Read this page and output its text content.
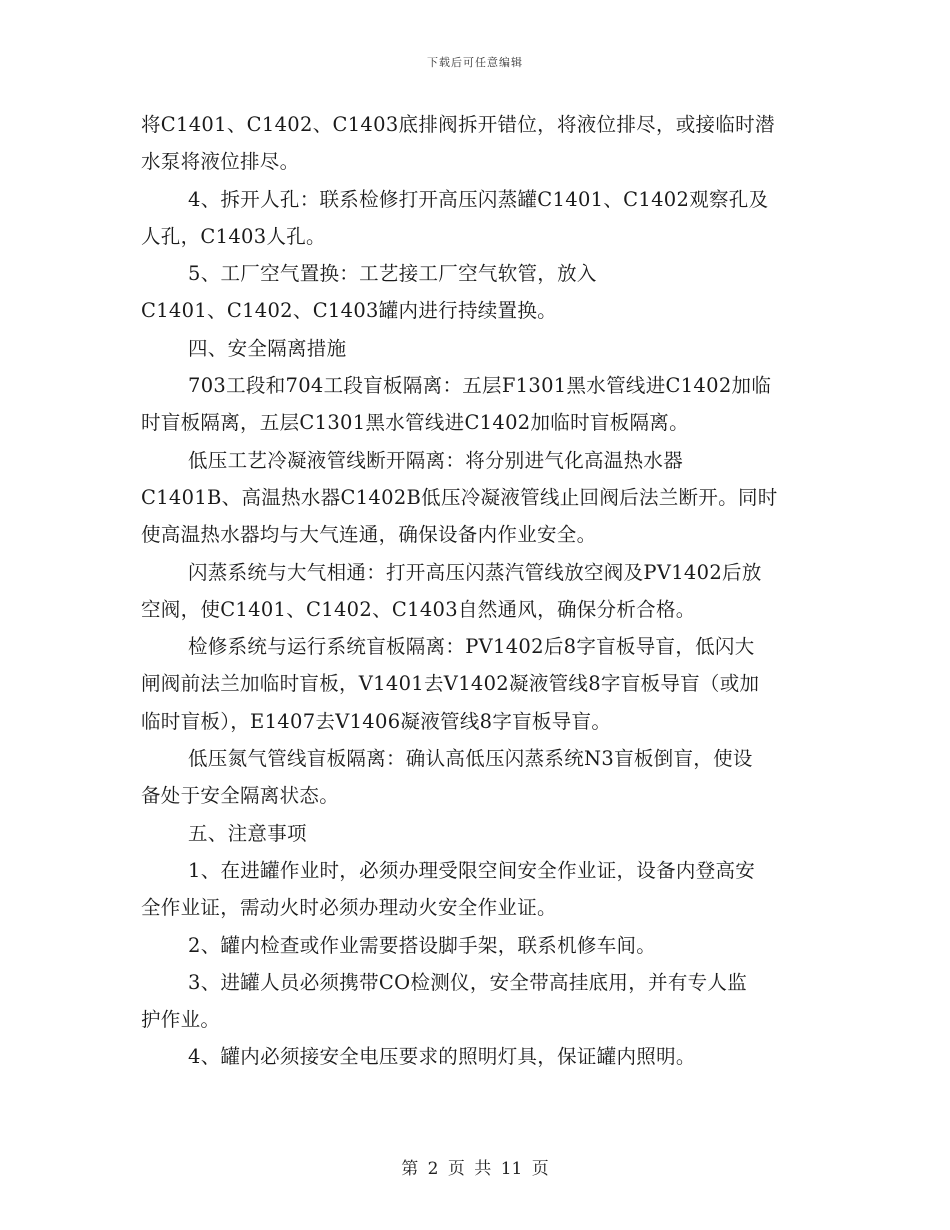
下载后可任意编辑
将C1401、C1402、C1403底排阀拆开错位，将液位排尽，或接临时潜
水泵将液位排尽。
4、拆开人孔：联系检修打开高压闪蒸罐C1401、C1402观察孔及
人孔，C1403人孔。
5、工厂空气置换：工艺接工厂空气软管，放入
C1401、C1402、C1403罐内进行持续置换。
四、安全隔离措施
703工段和704工段盲板隔离：五层F1301黑水管线进C1402加临
时盲板隔离，五层C1301黑水管线进C1402加临时盲板隔离。
低压工艺冷凝液管线断开隔离：将分别进气化高温热水器
C1401B、高温热水器C1402B低压冷凝液管线止回阀后法兰断开。同时
使高温热水器均与大气连通，确保设备内作业安全。
闪蒸系统与大气相通：打开高压闪蒸汽管线放空阀及PV1402后放
空阀，使C1401、C1402、C1403自然通风，确保分析合格。
检修系统与运行系统盲板隔离：PV1402后8字盲板导盲，低闪大
闸阀前法兰加临时盲板，V1401去V1402凝液管线8字盲板导盲（或加
临时盲板），E1407去V1406凝液管线8字盲板导盲。
低压氮气管线盲板隔离：确认高低压闪蒸系统N3盲板倒盲，使设
备处于安全隔离状态。
五、注意事项
1、在进罐作业时，必须办理受限空间安全作业证，设备内登高安
全作业证，需动火时必须办理动火安全作业证。
2、罐内检查或作业需要搭设脚手架，联系机修车间。
3、进罐人员必须携带CO检测仪，安全带高挂底用，并有专人监
护作业。
4、罐内必须接安全电压要求的照明灯具，保证罐内照明。
第 2 页 共 11 页
